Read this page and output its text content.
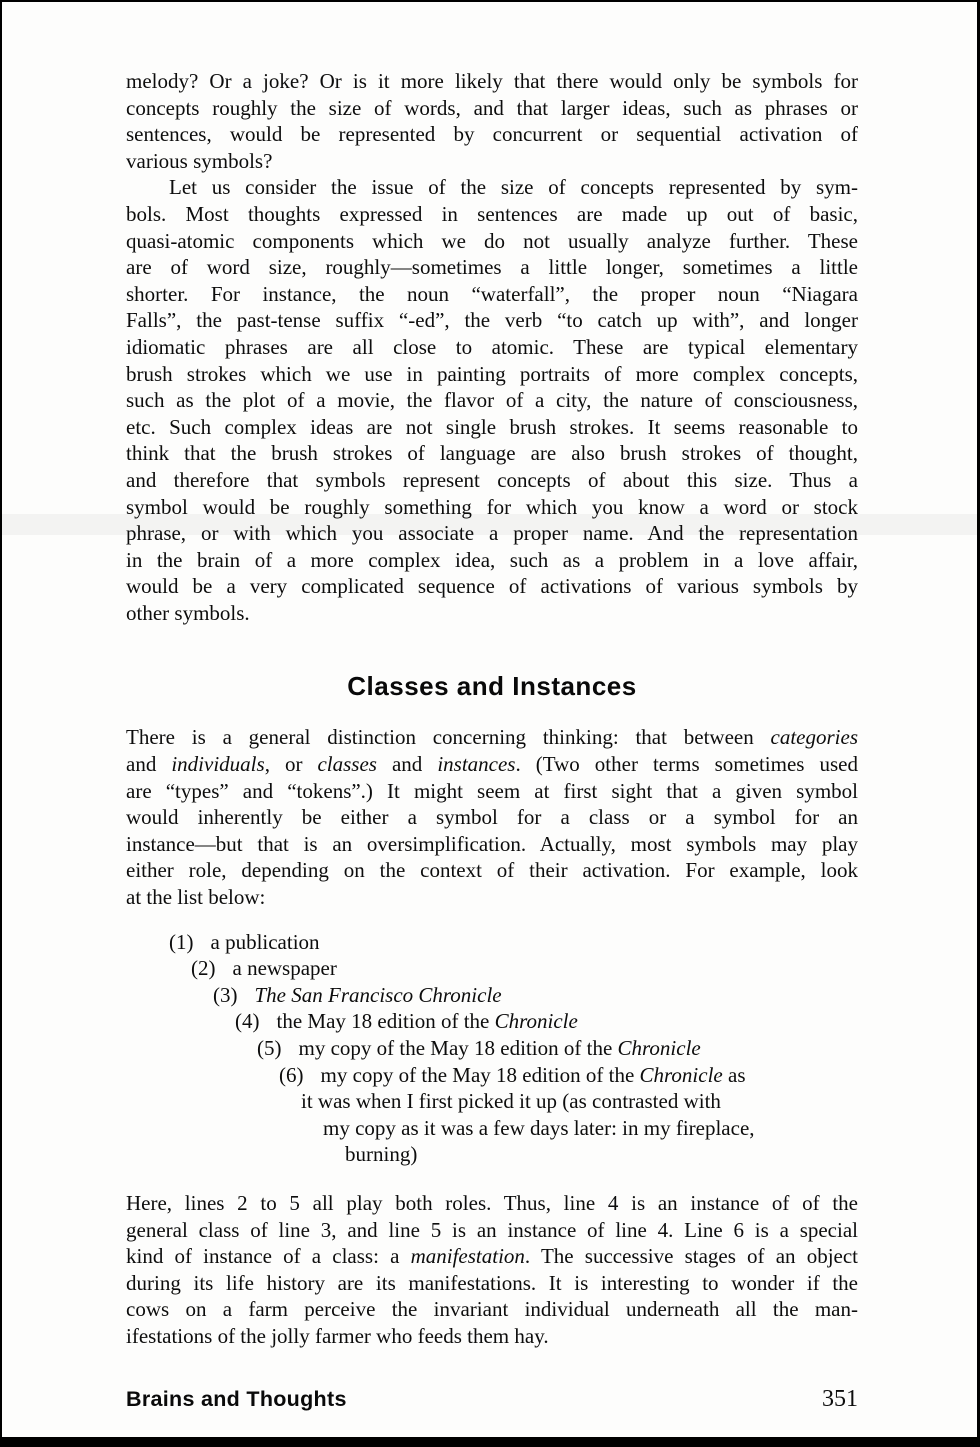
melody? Or a joke? Or is it more likely that there would only be symbols for
concepts roughly the size of words, and that larger ideas, such as phrases or
sentences, would be represented by concurrent or sequential activation of
various symbols?
Let us consider the issue of the size of concepts represented by sym-
bols. Most thoughts expressed in sentences are made up out of basic,
quasi-atomic components which we do not usually analyze further. These
are of word size, roughly—sometimes a little longer, sometimes a little
shorter. For instance, the noun “waterfall”, the proper noun “Niagara
Falls”, the past-tense suffix “-ed”, the verb “to catch up with”, and longer
idiomatic phrases are all close to atomic. These are typical elementary
brush strokes which we use in painting portraits of more complex concepts,
such as the plot of a movie, the flavor of a city, the nature of consciousness,
etc. Such complex ideas are not single brush strokes. It seems reasonable to
think that the brush strokes of language are also brush strokes of thought,
and therefore that symbols represent concepts of about this size. Thus a
symbol would be roughly something for which you know a word or stock
phrase, or with which you associate a proper name. And the representation
in the brain of a more complex idea, such as a problem in a love affair,
would be a very complicated sequence of activations of various symbols by
other symbols.
Classes and Instances
There is a general distinction concerning thinking: that between categories
and individuals, or classes and instances. (Two other terms sometimes used
are “types” and “tokens”.) It might seem at first sight that a given symbol
would inherently be either a symbol for a class or a symbol for an
instance—but that is an oversimplification. Actually, most symbols may play
either role, depending on the context of their activation. For example, look
at the list below:
(1) a publication
(2) a newspaper
(3) The San Francisco Chronicle
(4) the May 18 edition of the Chronicle
(5) my copy of the May 18 edition of the Chronicle
(6) my copy of the May 18 edition of the Chronicle as
it was when I first picked it up (as contrasted with
my copy as it was a few days later: in my fireplace,
burning)
Here, lines 2 to 5 all play both roles. Thus, line 4 is an instance of of the
general class of line 3, and line 5 is an instance of line 4. Line 6 is a special
kind of instance of a class: a manifestation. The successive stages of an object
during its life history are its manifestations. It is interesting to wonder if the
cows on a farm perceive the invariant individual underneath all the man-
ifestations of the jolly farmer who feeds them hay.
Brains and Thoughts	351
